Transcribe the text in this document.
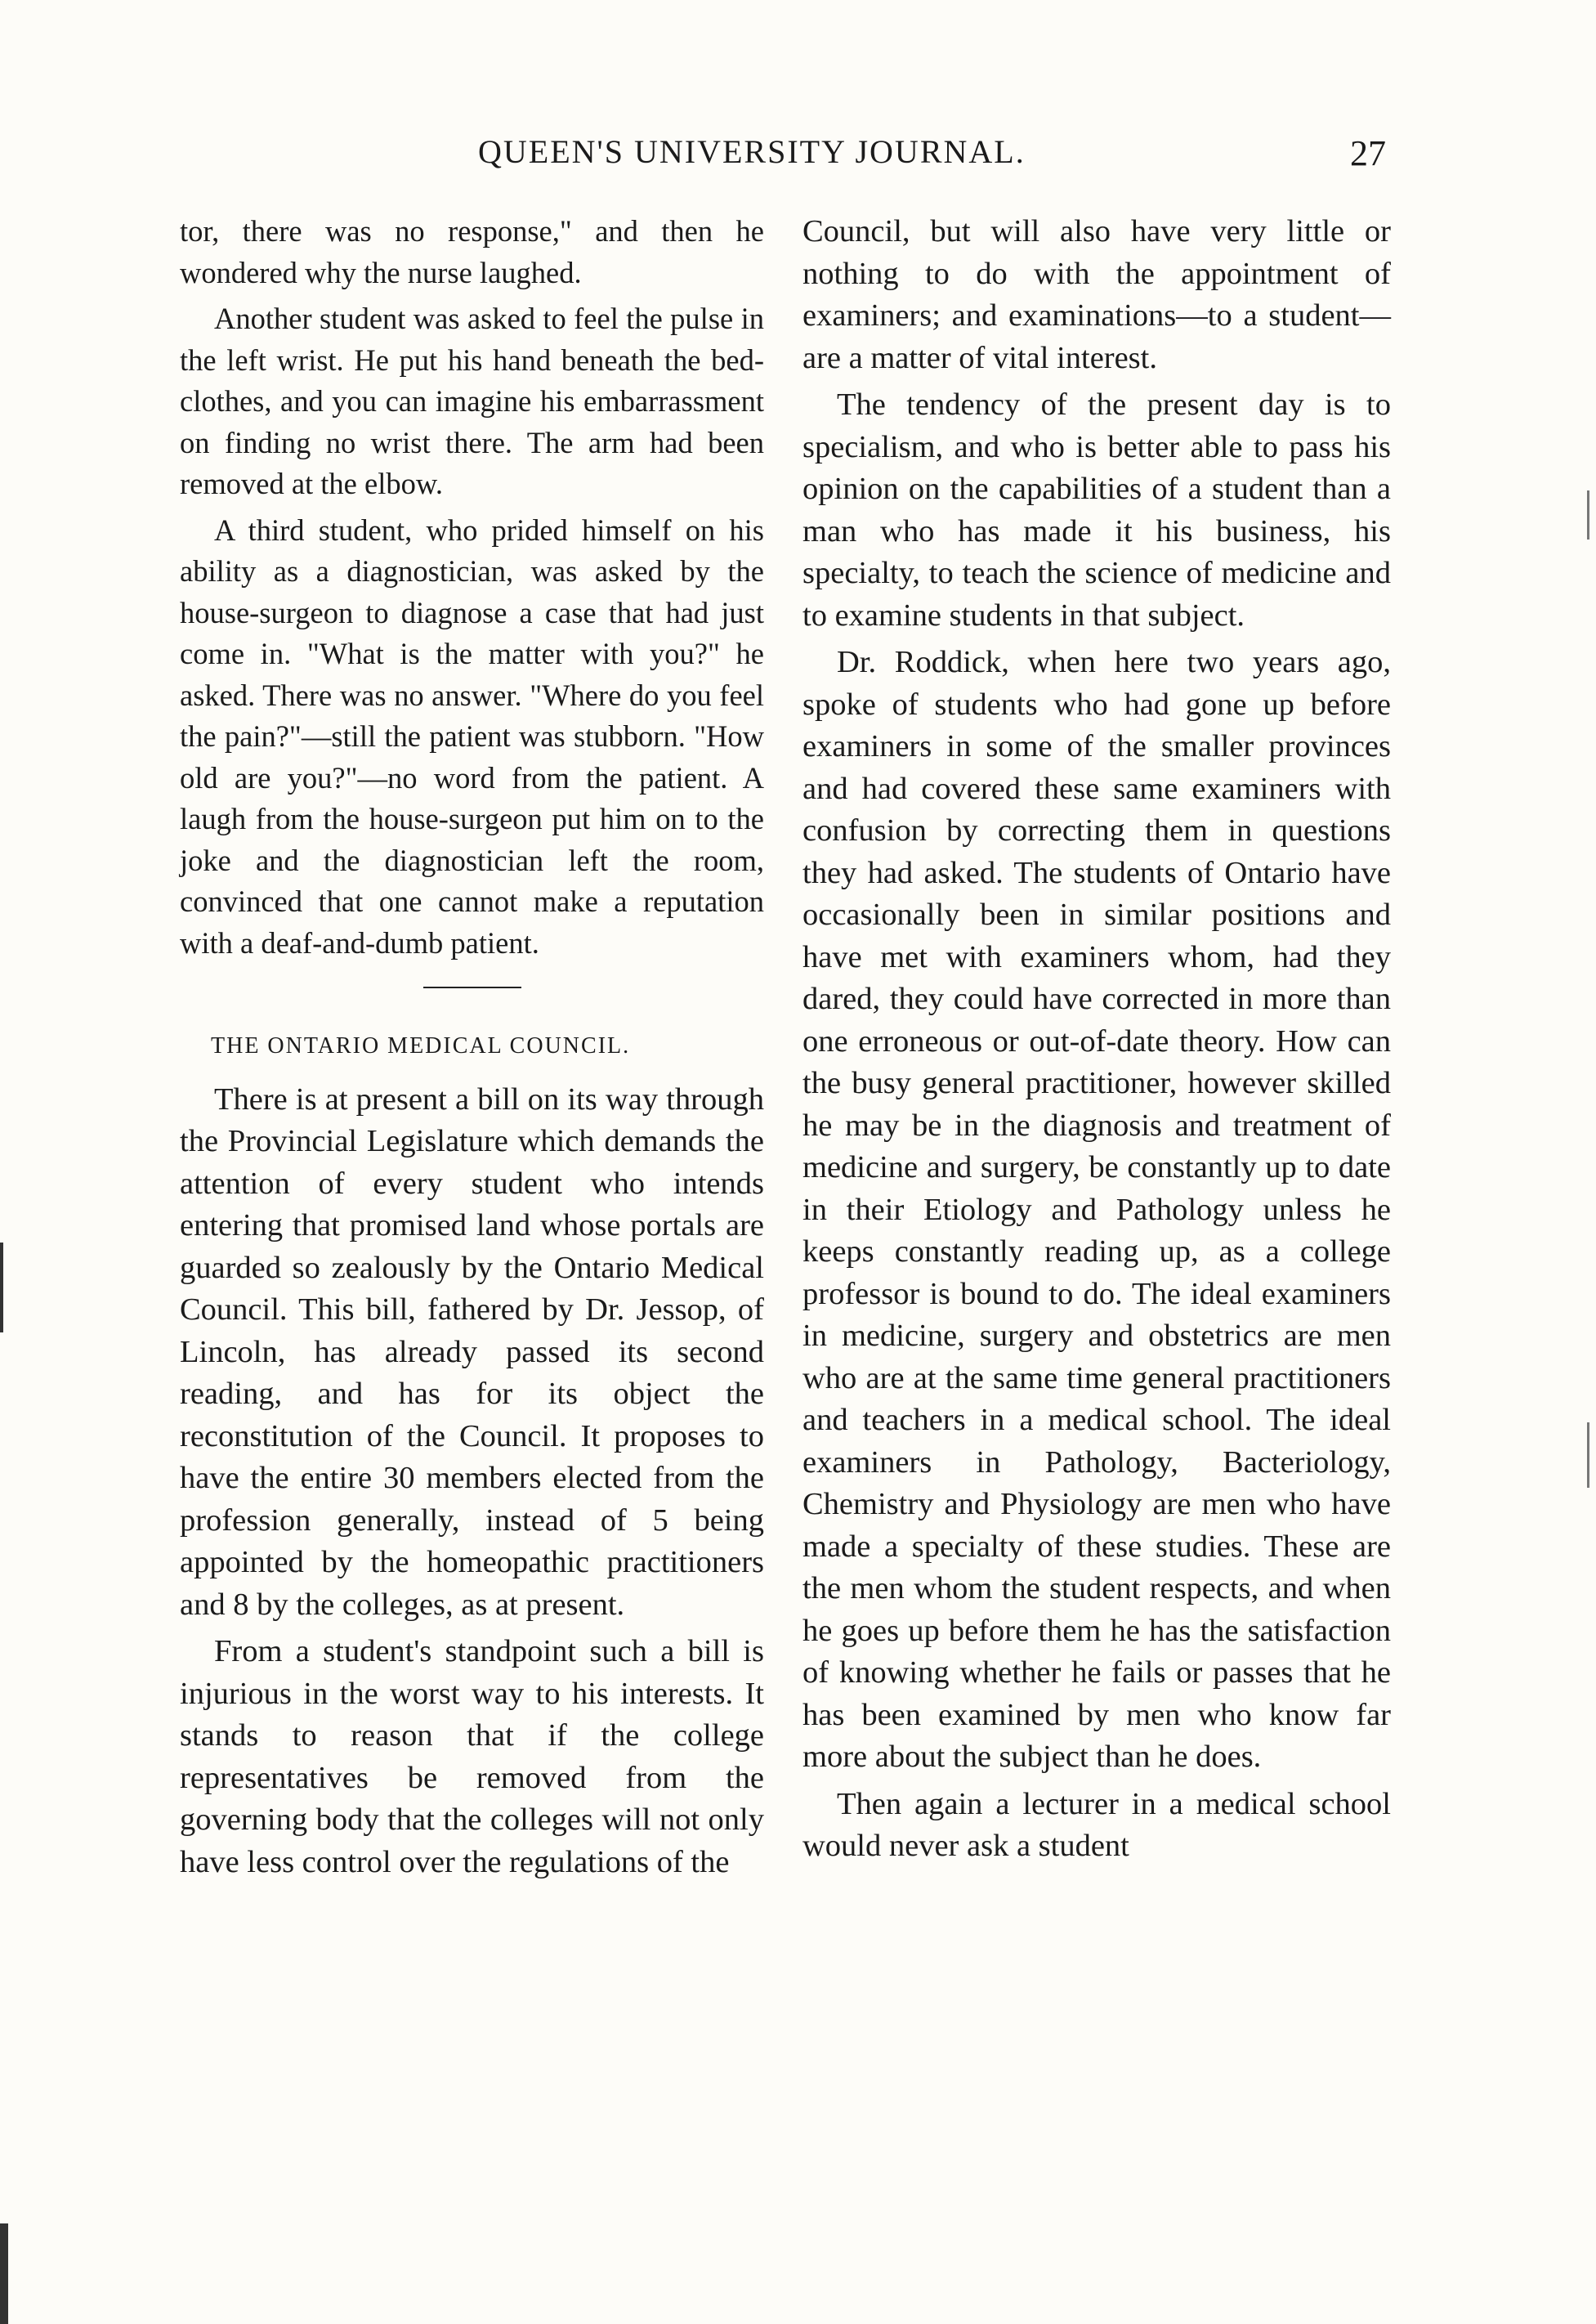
QUEEN'S UNIVERSITY JOURNAL.	27

tor, there was no response," and then he wondered why the nurse laughed.

Another student was asked to feel the pulse in the left wrist. He put his hand beneath the bed-clothes, and you can imagine his embarrassment on finding no wrist there. The arm had been removed at the elbow.

A third student, who prided himself on his ability as a diagnostician, was asked by the house-surgeon to diagnose a case that had just come in. "What is the matter with you?" he asked. There was no answer. "Where do you feel the pain?"—still the patient was stubborn. "How old are you?"—no word from the patient. A laugh from the house-surgeon put him on to the joke and the diagnostician left the room, convinced that one cannot make a reputation with a deaf-and-dumb patient.

THE ONTARIO MEDICAL COUNCIL.

There is at present a bill on its way through the Provincial Legislature which demands the attention of every student who intends entering that promised land whose portals are guarded so zealously by the Ontario Medical Council. This bill, fathered by Dr. Jessop, of Lincoln, has already passed its second reading, and has for its object the reconstitution of the Council. It proposes to have the entire 30 members elected from the profession generally, instead of 5 being appointed by the homeopathic practitioners and 8 by the colleges, as at present.

From a student's standpoint such a bill is injurious in the worst way to his interests. It stands to reason that if the college representatives be removed from the governing body that the colleges will not only have less control over the regulations of the

Council, but will also have very little or nothing to do with the appointment of examiners; and examinations—to a student—are a matter of vital interest.

The tendency of the present day is to specialism, and who is better able to pass his opinion on the capabilities of a student than a man who has made it his business, his specialty, to teach the science of medicine and to examine students in that subject.

Dr. Roddick, when here two years ago, spoke of students who had gone up before examiners in some of the smaller provinces and had covered these same examiners with confusion by correcting them in questions they had asked. The students of Ontario have occasionally been in similar positions and have met with examiners whom, had they dared, they could have corrected in more than one erroneous or out-of-date theory. How can the busy general practitioner, however skilled he may be in the diagnosis and treatment of medicine and surgery, be constantly up to date in their Etiology and Pathology unless he keeps constantly reading up, as a college professor is bound to do. The ideal examiners in medicine, surgery and obstetrics are men who are at the same time general practitioners and teachers in a medical school. The ideal examiners in Pathology, Bacteriology, Chemistry and Physiology are men who have made a specialty of these studies. These are the men whom the student respects, and when he goes up before them he has the satisfaction of knowing whether he fails or passes that he has been examined by men who know far more about the subject than he does.

Then again a lecturer in a medical school would never ask a student
